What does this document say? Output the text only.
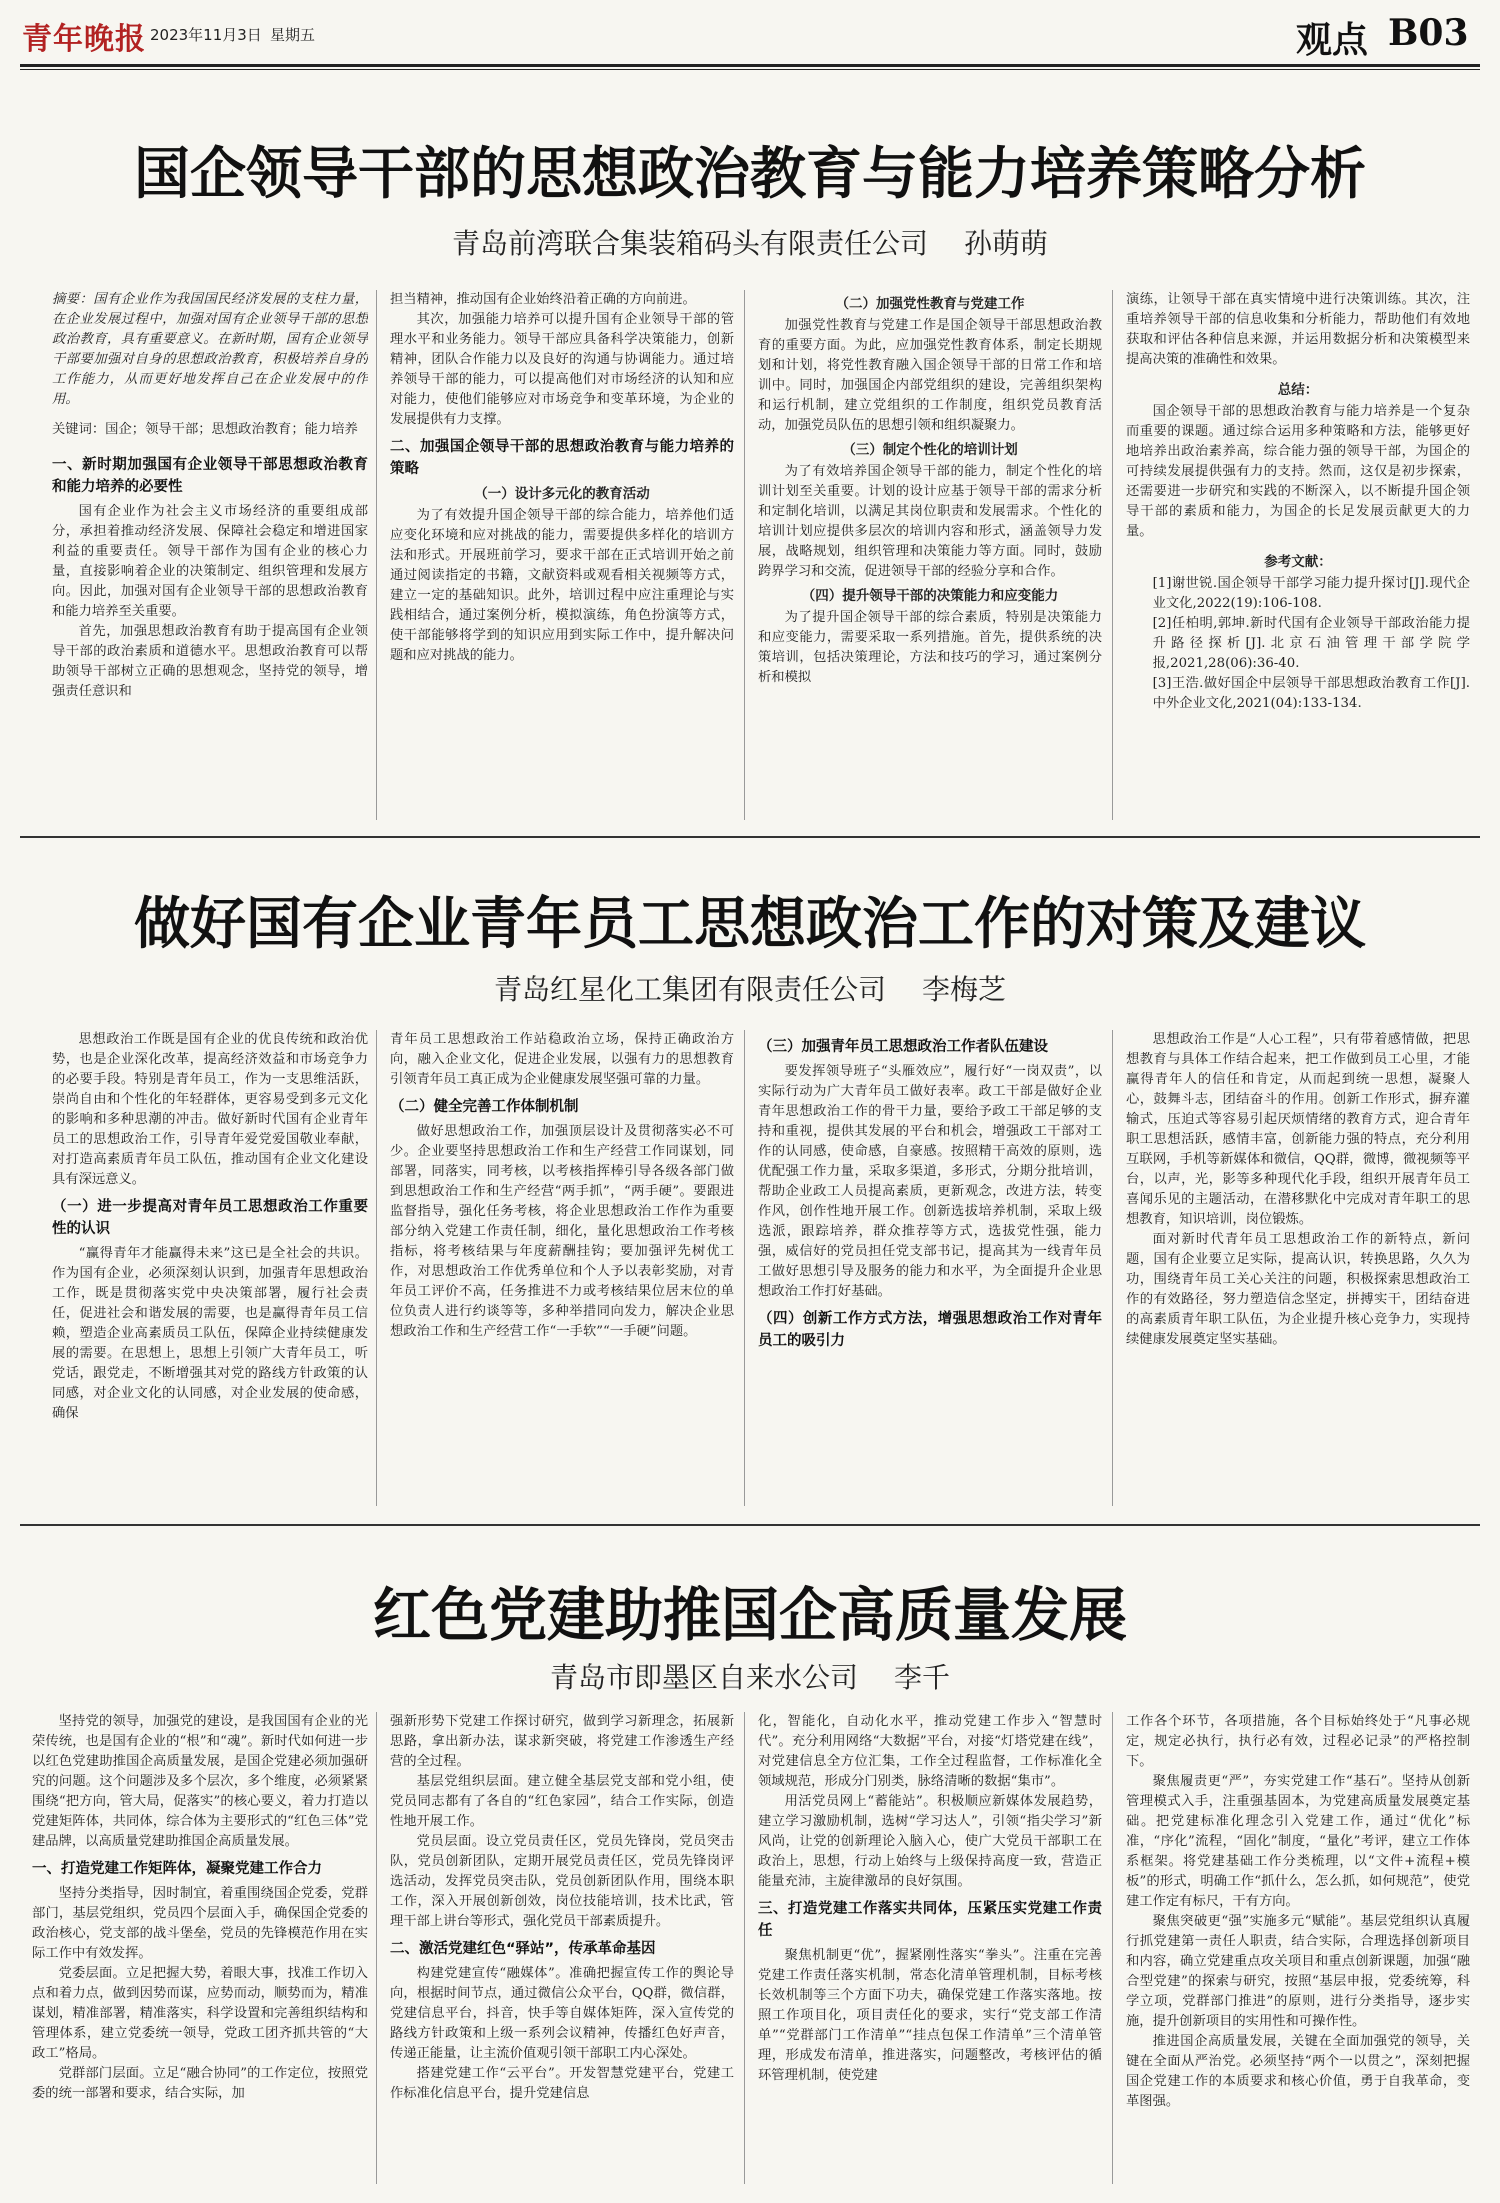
青年晚报 2023年11月3日 星期五	观点 B03
国企领导干部的思想政治教育与能力培养策略分析
青岛前湾联合集装箱码头有限责任公司 孙萌萌

摘要：国有企业作为我国国民经济发展的支柱力量，在企业发展过程中，加强对国有企业领导干部的思想政治教育，具有重要意义。在新时期，国有企业领导干部要加强对自身的思想政治教育，积极培养自身的工作能力，从而更好地发挥自己在企业发展中的作用。

关键词：国企；领导干部；思想政治教育；能力培养

一、新时期加强国有企业领导干部思想政治教育和能力培养的必要性

国有企业作为社会主义市场经济的重要组成部分，承担着推动经济发展、保障社会稳定和增进国家利益的重要责任。领导干部作为国有企业的核心力量，直接影响着企业的决策制定、组织管理和发展方向。因此，加强对国有企业领导干部的思想政治教育和能力培养至关重要。

首先，加强思想政治教育有助于提高国有企业领导干部的政治素质和道德水平。思想政治教育可以帮助领导干部树立正确的思想观念，坚持党的领导，增强责任意识和

担当精神，推动国有企业始终沿着正确的方向前进。

其次，加强能力培养可以提升国有企业领导干部的管理水平和业务能力。领导干部应具备科学决策能力，创新精神，团队合作能力以及良好的沟通与协调能力。通过培养领导干部的能力，可以提高他们对市场经济的认知和应对能力，使他们能够应对市场竞争和变革环境，为企业的发展提供有力支撑。

二、加强国企领导干部的思想政治教育与能力培养的策略
（一）设计多元化的教育活动

为了有效提升国企领导干部的综合能力，培养他们适应变化环境和应对挑战的能力，需要提供多样化的培训方法和形式。开展班前学习，要求干部在正式培训开始之前通过阅读指定的书籍，文献资料或观看相关视频等方式，建立一定的基础知识。此外，培训过程中应注重理论与实践相结合，通过案例分析，模拟演练，角色扮演等方式，使干部能够将学到的知识应用到实际工作中，提升解决问题和应对挑战的能力。

（二）加强党性教育与党建工作

加强党性教育与党建工作是国企领导干部思想政治教育的重要方面。为此，应加强党性教育体系，制定长期规划和计划，将党性教育融入国企领导干部的日常工作和培训中。同时，加强国企内部党组织的建设，完善组织架构和运行机制，建立党组织的工作制度，组织党员教育活动，加强党员队伍的思想引领和组织凝聚力。

（三）制定个性化的培训计划

为了有效培养国企领导干部的能力，制定个性化的培训计划至关重要。计划的设计应基于领导干部的需求分析和定制化培训，以满足其岗位职责和发展需求。个性化的培训计划应提供多层次的培训内容和形式，涵盖领导力发展，战略规划，组织管理和决策能力等方面。同时，鼓励跨界学习和交流，促进领导干部的经验分享和合作。

（四）提升领导干部的决策能力和应变能力

为了提升国企领导干部的综合素质，特别是决策能力和应变能力，需要采取一系列措施。首先，提供系统的决策培训，包括决策理论，方法和技巧的学习，通过案例分析和模拟

演练，让领导干部在真实情境中进行决策训练。其次，注重培养领导干部的信息收集和分析能力，帮助他们有效地获取和评估各种信息来源，并运用数据分析和决策模型来提高决策的准确性和效果。

总结：

国企领导干部的思想政治教育与能力培养是一个复杂而重要的课题。通过综合运用多种策略和方法，能够更好地培养出政治素养高，综合能力强的领导干部，为国企的可持续发展提供强有力的支持。然而，这仅是初步探索，还需要进一步研究和实践的不断深入，以不断提升国企领导干部的素质和能力，为国企的长足发展贡献更大的力量。

参考文献：

[1]谢世锐.国企领导干部学习能力提升探讨[J].现代企业文化,2022(19):106-108.

[2]任柏明,郭坤.新时代国有企业领导干部政治能力提升路径探析[J].北京石油管理干部学院学报,2021,28(06):36-40.

[3]王浩.做好国企中层领导干部思想政治教育工作[J].中外企业文化,2021(04):133-134.

做好国有企业青年员工思想政治工作的对策及建议
青岛红星化工集团有限责任公司 李梅芝

思想政治工作既是国有企业的优良传统和政治优势，也是企业深化改革，提高经济效益和市场竞争力的必要手段。特别是青年员工，作为一支思维活跃，崇尚自由和个性化的年轻群体，更容易受到多元文化的影响和多种思潮的冲击。做好新时代国有企业青年员工的思想政治工作，引导青年爱党爱国敬业奉献，对打造高素质青年员工队伍，推动国有企业文化建设具有深远意义。

（一）进一步提高对青年员工思想政治工作重要性的认识

“赢得青年才能赢得未来”这已是全社会的共识。作为国有企业，必须深刻认识到，加强青年思想政治工作，既是贯彻落实党中央决策部署，履行社会责任，促进社会和谐发展的需要，也是赢得青年员工信赖，塑造企业高素质员工队伍，保障企业持续健康发展的需要。在思想上，思想上引领广大青年员工，听党话，跟党走，不断增强其对党的路线方针政策的认同感，对企业文化的认同感，对企业发展的使命感，确保

青年员工思想政治工作站稳政治立场，保持正确政治方向，融入企业文化，促进企业发展，以强有力的思想教育引领青年员工真正成为企业健康发展坚强可靠的力量。

（二）健全完善工作体制机制

做好思想政治工作，加强顶层设计及贯彻落实必不可少。企业要坚持思想政治工作和生产经营工作同谋划，同部署，同落实，同考核，以考核指挥棒引导各级各部门做到思想政治工作和生产经营“两手抓”，“两手硬”。要跟进监督指导，强化任务考核，将企业思想政治工作作为重要部分纳入党建工作责任制，细化，量化思想政治工作考核指标，将考核结果与年度薪酬挂钩；要加强评先树优工作，对思想政治工作优秀单位和个人予以表彰奖励，对青年员工评价不高，任务推进不力或考核结果位居末位的单位负责人进行约谈等等，多种举措同向发力，解决企业思想政治工作和生产经营工作“一手软”“一手硬”问题。

（三）加强青年员工思想政治工作者队伍建设

要发挥领导班子“头雁效应”，履行好“一岗双责”，以实际行动为广大青年员工做好表率。政工干部是做好企业青年思想政治工作的骨干力量，要给予政工干部足够的支持和重视，提供其发展的平台和机会，增强政工干部对工作的认同感，使命感，自豪感。按照精干高效的原则，选优配强工作力量，采取多渠道，多形式，分期分批培训，帮助企业政工人员提高素质，更新观念，改进方法，转变作风，创作性地开展工作。创新选拔培养机制，采取上级选派，跟踪培养，群众推荐等方式，选拔党性强，能力强，威信好的党员担任党支部书记，提高其为一线青年员工做好思想引导及服务的能力和水平，为全面提升企业思想政治工作打好基础。

（四）创新工作方式方法，增强思想政治工作对青年员工的吸引力

思想政治工作是“人心工程”，只有带着感情做，把思想教育与具体工作结合起来，把工作做到员工心里，才能赢得青年人的信任和肯定，从而起到统一思想，凝聚人心，鼓舞斗志，团结奋斗的作用。创新工作形式，摒弃灌输式，压迫式等容易引起厌烦情绪的教育方式，迎合青年职工思想活跃，感情丰富，创新能力强的特点，充分利用互联网，手机等新媒体和微信，QQ群，微博，微视频等平台，以声，光，影等多种现代化手段，组织开展青年员工喜闻乐见的主题活动，在潜移默化中完成对青年职工的思想教育，知识培训，岗位锻炼。

面对新时代青年员工思想政治工作的新特点，新问题，国有企业要立足实际，提高认识，转换思路，久久为功，围绕青年员工关心关注的问题，积极探索思想政治工作的有效路径，努力塑造信念坚定，拼搏实干，团结奋进的高素质青年职工队伍，为企业提升核心竞争力，实现持续健康发展奠定坚实基础。

红色党建助推国企高质量发展
青岛市即墨区自来水公司 李千

坚持党的领导，加强党的建设，是我国国有企业的光荣传统，也是国有企业的“根”和“魂”。新时代如何进一步以红色党建助推国企高质量发展，是国企党建必须加强研究的问题。这个问题涉及多个层次，多个维度，必须紧紧围绕“把方向，管大局，促落实”的核心要义，着力打造以党建矩阵体，共同体，综合体为主要形式的“红色三体”党建品牌，以高质量党建助推国企高质量发展。

一、打造党建工作矩阵体，凝聚党建工作合力

坚持分类指导，因时制宜，着重围绕国企党委，党群部门，基层党组织，党员四个层面入手，确保国企党委的政治核心，党支部的战斗堡垒，党员的先锋模范作用在实际工作中有效发挥。

党委层面。立足把握大势，着眼大事，找准工作切入点和着力点，做到因势而谋，应势而动，顺势而为，精准谋划，精准部署，精准落实，科学设置和完善组织结构和管理体系，建立党委统一领导，党政工团齐抓共管的“大政工”格局。

党群部门层面。立足“融合协同”的工作定位，按照党委的统一部署和要求，结合实际，加

强新形势下党建工作探讨研究，做到学习新理念，拓展新思路，拿出新办法，谋求新突破，将党建工作渗透生产经营的全过程。

基层党组织层面。建立健全基层党支部和党小组，使党员同志都有了各自的“红色家园”，结合工作实际，创造性地开展工作。

党员层面。设立党员责任区，党员先锋岗，党员突击队，党员创新团队，定期开展党员责任区，党员先锋岗评选活动，发挥党员突击队，党员创新团队作用，围绕本职工作，深入开展创新创效，岗位技能培训，技术比武，管理干部上讲台等形式，强化党员干部素质提升。

二、激活党建红色“驿站”，传承革命基因

构建党建宣传“融媒体”。准确把握宣传工作的舆论导向，根据时间节点，通过微信公众平台，QQ群，微信群，党建信息平台，抖音，快手等自媒体矩阵，深入宣传党的路线方针政策和上级一系列会议精神，传播红色好声音，传递正能量，让主流价值观引领干部职工内心深处。

搭建党建工作“云平台”。开发智慧党建平台，党建工作标准化信息平台，提升党建信息

化，智能化，自动化水平，推动党建工作步入“智慧时代”。充分利用网络“大数据”平台，对接“灯塔党建在线”，对党建信息全方位汇集，工作全过程监督，工作标准化全领域规范，形成分门别类，脉络清晰的数据“集市”。

用活党员网上“蓄能站”。积极顺应新媒体发展趋势，建立学习激励机制，选树“学习达人”，引领“指尖学习”新风尚，让党的创新理论入脑入心，使广大党员干部职工在政治上，思想，行动上始终与上级保持高度一致，营造正能量充沛，主旋律激昂的良好氛围。

三、打造党建工作落实共同体，压紧压实党建工作责任

聚焦机制更“优”，握紧刚性落实“拳头”。注重在完善党建工作责任落实机制，常态化清单管理机制，目标考核长效机制等三个方面下功夫，确保党建工作落实落地。按照工作项目化，项目责任化的要求，实行“党支部工作清单”“党群部门工作清单”“挂点包保工作清单”三个清单管理，形成发布清单，推进落实，问题整改，考核评估的循环管理机制，使党建

工作各个环节，各项措施，各个目标始终处于“凡事必规定，规定必执行，执行必有效，过程必记录”的严格控制下。

聚焦履责更“严”，夯实党建工作“基石”。坚持从创新管理模式入手，注重强基固本，为党建高质量发展奠定基础。把党建标准化理念引入党建工作，通过“优化”标准，“序化”流程，“固化”制度，“量化”考评，建立工作体系框架。将党建基础工作分类梳理，以“文件+流程+模板”的形式，明确工作“抓什么，怎么抓，如何规范”，使党建工作定有标尺，干有方向。

聚焦突破更“强”实施多元“赋能”。基层党组织认真履行抓党建第一责任人职责，结合实际，合理选择创新项目和内容，确立党建重点攻关项目和重点创新课题，加强“融合型党建”的探索与研究，按照“基层申报，党委统筹，科学立项，党群部门推进”的原则，进行分类指导，逐步实施，提升创新项目的实用性和可操作性。

推进国企高质量发展，关键在全面加强党的领导，关键在全面从严治党。必须坚持“两个一以贯之”，深刻把握国企党建工作的本质要求和核心价值，勇于自我革命，变革图强。
